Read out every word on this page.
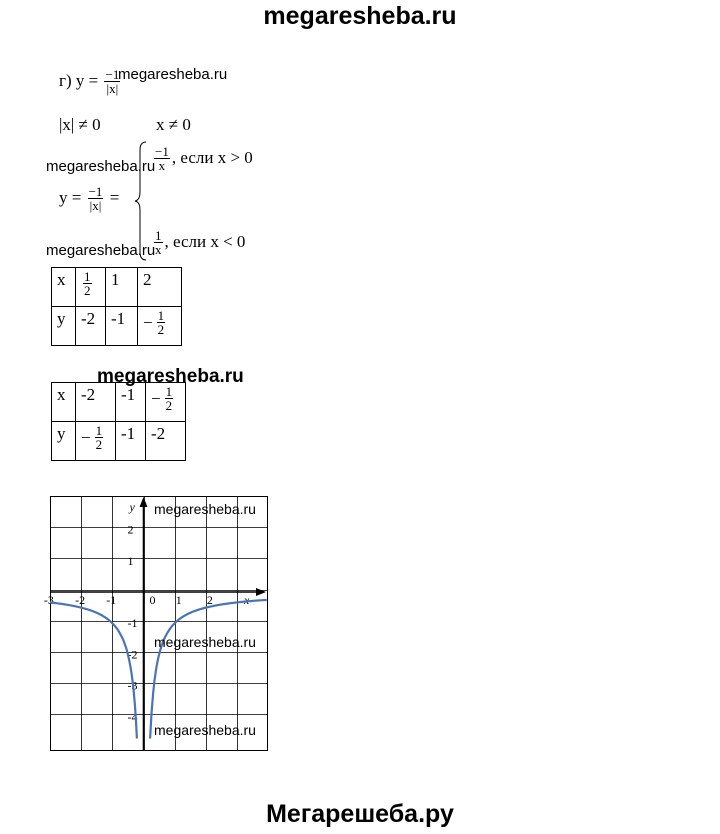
megaresheba.ru
г) $y = \frac{-1}{|x|}$
megaresheba.ru
|x| ≠ 0	x ≠ 0
megaresheba.ru
$y = \frac{-1}{|x|}$ =
$\frac{-1}{x}$ , если x > 0
megaresheba.ru
$\frac{1}{x}$ , если x < 0
x	$\frac{1}{2}$	1	2
y	-2	-1	− $\frac{1}{2}$
megaresheba.ru
x	-2	-1	− $\frac{1}{2}$

y	− $\frac{1}{2}$	-1	-2
-3 -2 -1	0 1 2
2
1
-1
-2
-3
-4
x
y megaresheba.ru
megaresheba.ru
megaresheba.ru
Мегарешеба.ру
